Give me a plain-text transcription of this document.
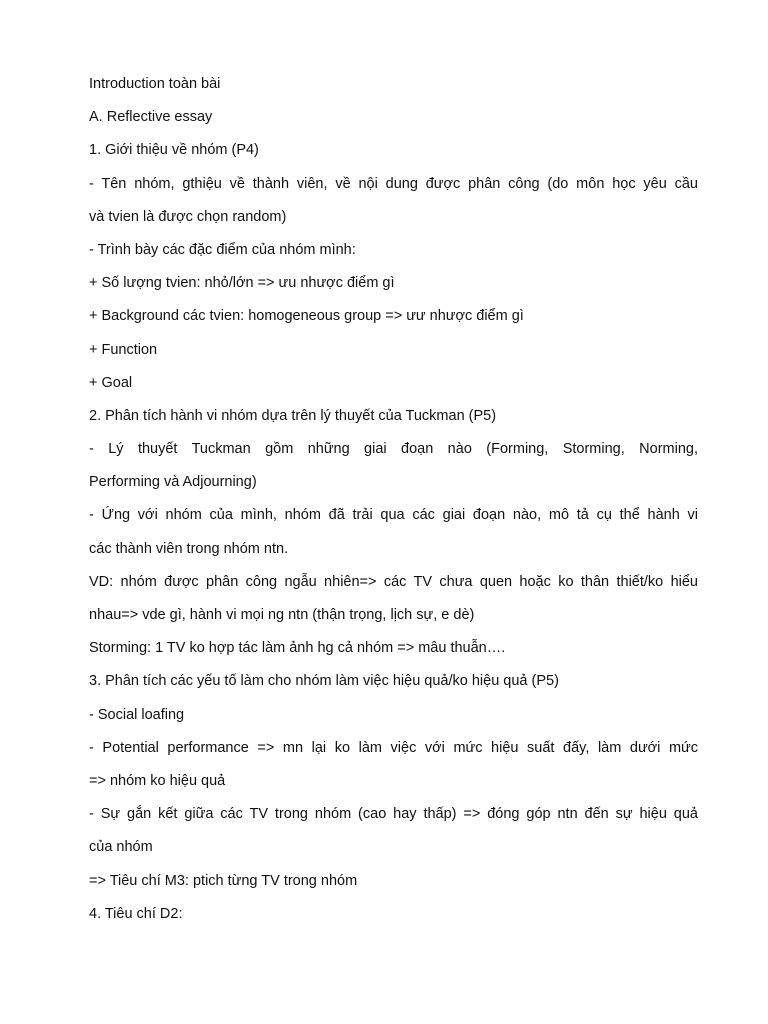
Introduction toàn bài
A. Reflective essay
1. Giới thiệu về nhóm (P4)
- Tên nhóm, gthiệu về thành viên, về nội dung được phân công (do môn học yêu cầu
và tvien là được chọn random)
- Trình bày các đặc điểm của nhóm mình:
+ Số lượng tvien: nhỏ/lớn => ưu nhược điểm gì
+ Background các tvien: homogeneous group => ưư nhược điểm gì
+ Function
+ Goal
2. Phân tích hành vi nhóm dựa trên lý thuyết của Tuckman (P5)
- Lý thuyết Tuckman gồm những giai đoạn nào (Forming, Storming, Norming,
Performing và Adjourning)
- Ứng với nhóm của mình, nhóm đã trải qua các giai đoạn nào, mô tả cụ thể hành vi
các thành viên trong nhóm ntn.
VD: nhóm được phân công ngẫu nhiên=> các TV chưa quen hoặc ko thân thiết/ko hiểu
nhau=> vde gì, hành vi mọi ng ntn (thận trọng, lịch sự, e dè)
Storming: 1 TV ko hợp tác làm ảnh hg cả nhóm => mâu thuẫn….
3. Phân tích các yếu tố làm cho nhóm làm việc hiệu quả/ko hiệu quả (P5)
- Social loafing
- Potential performance => mn lại ko làm việc với mức hiệu suất đấy, làm dưới mức
=> nhóm ko hiệu quả
- Sự gắn kết giữa các TV trong nhóm (cao hay thấp) => đóng góp ntn đến sự hiệu quả
của nhóm
=> Tiêu chí M3: ptich từng TV trong nhóm
4. Tiêu chí D2:
